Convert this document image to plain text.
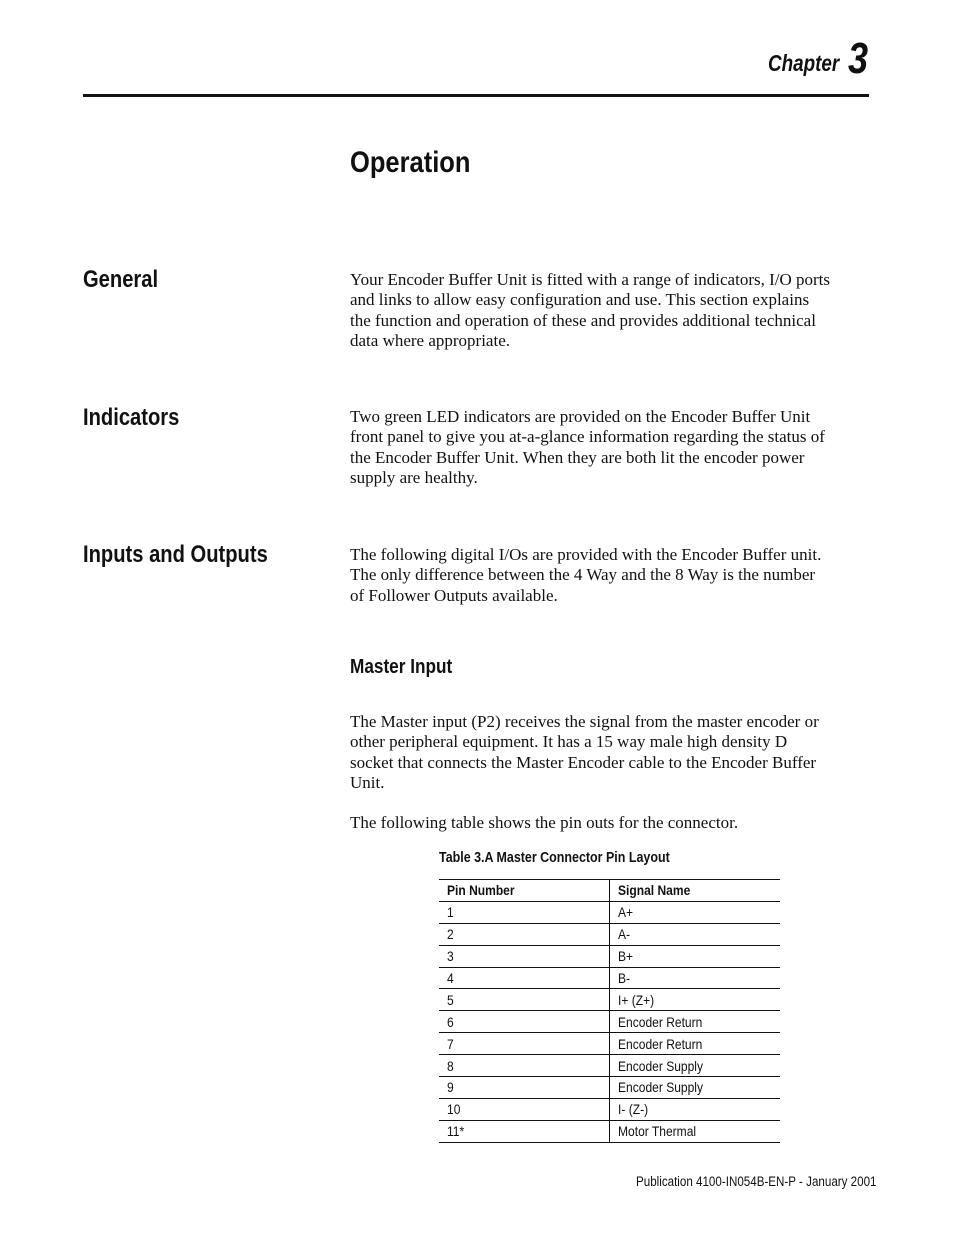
Chapter 3
Operation
General	Your Encoder Buffer Unit is fitted with a range of indicators, I/O ports
and links to allow easy configuration and use. This section explains
the function and operation of these and provides additional technical
data where appropriate.

Indicators	Two green LED indicators are provided on the Encoder Buffer Unit
front panel to give you at-a-glance information regarding the status of
the Encoder Buffer Unit. When they are both lit the encoder power
supply are healthy.

Inputs and Outputs	The following digital I/Os are provided with the Encoder Buffer unit.
The only difference between the 4 Way and the 8 Way is the number
of Follower Outputs available.

Master Input

The Master input (P2) receives the signal from the master encoder or
other peripheral equipment. It has a 15 way male high density D
socket that connects the Master Encoder cable to the Encoder Buffer
Unit.

The following table shows the pin outs for the connector.

Table 3.A Master Connector Pin Layout

Pin Number	Signal Name
1	A+
2	A-
3	B+
4	B-
5	I+ (Z+)
6	Encoder Return
7	Encoder Return
8	Encoder Supply
9	Encoder Supply
10	I- (Z-)
11*	Motor Thermal

Publication 4100-IN054B-EN-P - January 2001
